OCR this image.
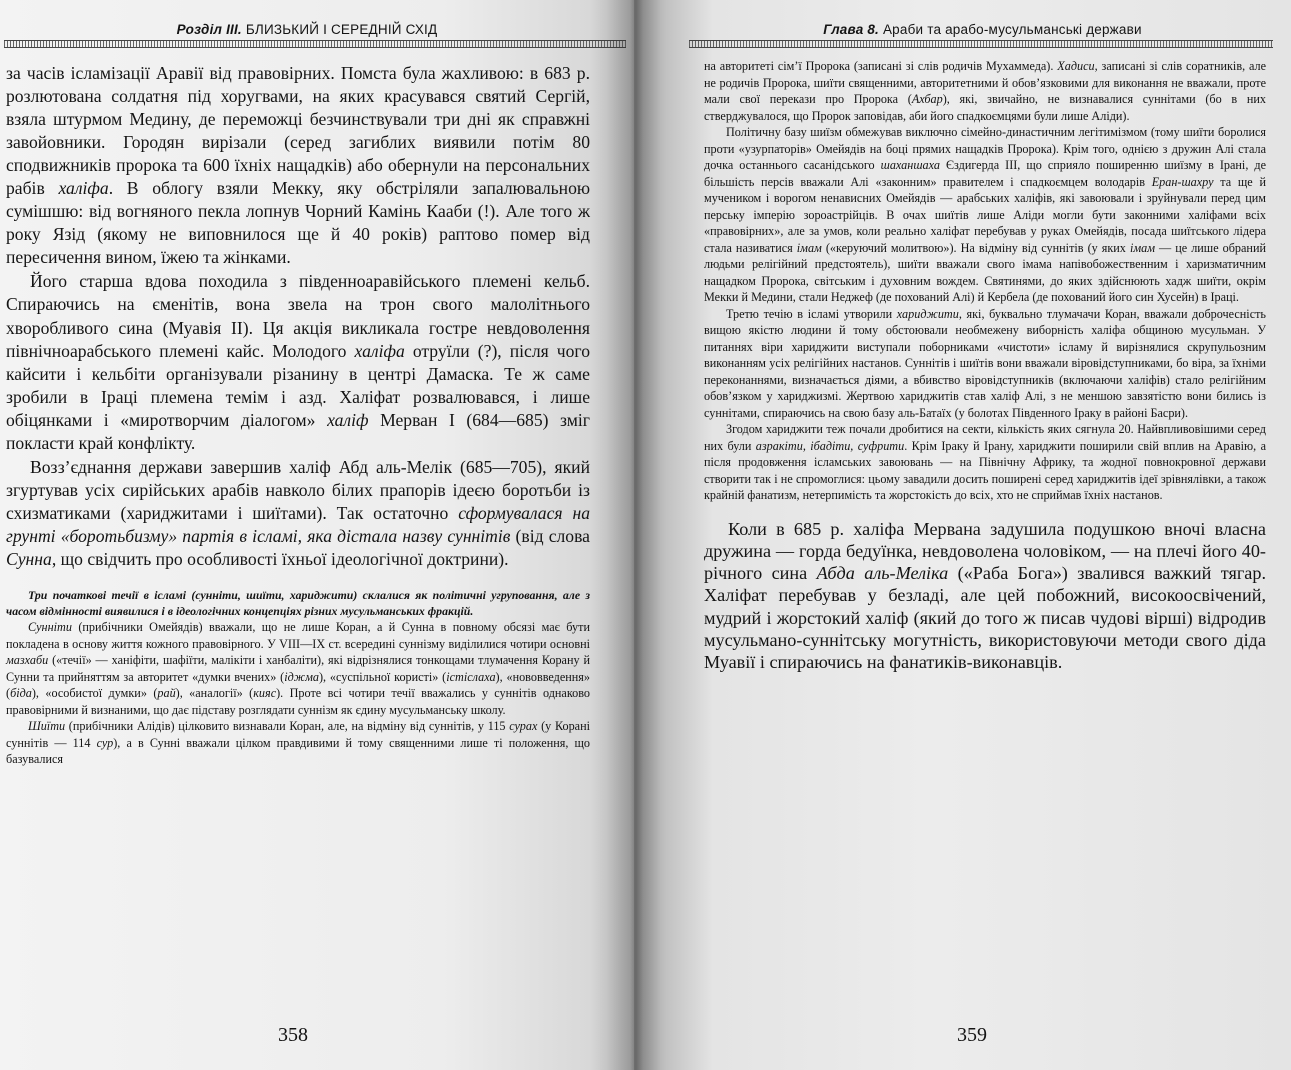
Розділ III. БЛИЗЬКИЙ І СЕРЕДНІЙ СХІД

за часів ісламізації Аравії від правовірних. Помста була жахливою: в 683 р. розлютована солдатня під хоругвами, на яких красувався святий Сергій, взяла штурмом Медину, де переможці безчинствували три дні як справжні завойовники. Городян вирізали (серед загиблих виявили потім 80 сподвижників пророка та 600 їхніх нащадків) або обернули на персональних рабів халіфа. В облогу взяли Мекку, яку обстріляли запалювальною сумішшю: від вогняного пекла лопнув Чорний Камінь Кааби (!). Але того ж року Язід (якому не виповнилося ще й 40 років) раптово помер від пересичення вином, їжею та жінками.

Його старша вдова походила з південноаравійського племені кельб. Спираючись на єменітів, вона звела на трон свого малолітнього хворобливого сина (Муавія II). Ця акція викликала гостре невдоволення північноарабського племені кайс. Молодого халіфа отруїли (?), після чого кайсити і кельбіти організували різанину в центрі Дамаска. Те ж саме зробили в Іраці племена темім і азд. Халіфат розвалювався, і лише обіцянками і «миротворчим діалогом» халіф Мерван I (684—685) зміг покласти край конфлікту.

Возз’єднання держави завершив халіф Абд аль-Мелік (685—705), який згуртував усіх сирійських арабів навколо білих прапорів ідеєю боротьби із схизматиками (хариджитами і шиїтами). Так остаточно сформувалася на грунті «боротьбизму» партія в ісламі, яка дістала назву суннітів (від слова Сунна, що свідчить про особливості їхньої ідеологічної доктрини).

Три початкові течії в ісламі (сунніти, шиїти, хариджити) склалися як політичні угруповання, але з часом відмінності виявилися і в ідеологічних концепціях різних мусульманських фракцій.

Сунніти (прибічники Омейядів) вважали, що не лише Коран, а й Сунна в повному обсязі має бути покладена в основу життя кожного правовірного. У VIII—IX ст. всередині суннізму виділилися чотири основні мазхаби («течії» — ханіфіти, шафіїти, малікіти і ханбаліти), які відрізнялися тонкощами тлумачення Корану й Сунни та прийняттям за авторитет «думки вчених» (іджма), «суспільної користі» (істіслаха), «нововведення» (біда), «особистої думки» (рай), «аналогії» (кияс). Проте всі чотири течії вважались у суннітів однаково правовірними й визнаними, що дає підставу розглядати суннізм як єдину мусульманську школу.

Шиїти (прибічники Алідів) цілковито визнавали Коран, але, на відміну від суннітів, у 115 сурах (у Корані суннітів — 114 сур), а в Сунні вважали цілком правдивими й тому священними лише ті положення, що базувалися

358
Глава 8. Араби та арабо-мусульманські держави

на авторитеті сім’ї Пророка (записані зі слів родичів Мухаммеда). Хадиси, записані зі слів соратників, але не родичів Пророка, шиїти священними, авторитетними й обов’язковими для виконання не вважали, проте мали свої перекази про Пророка (Ахбар), які, звичайно, не визнавалися суннітами (бо в них стверджувалося, що Пророк заповідав, аби його спадкоємцями були лише Аліди).

Політичну базу шиїзм обмежував виключно сімейно-династичним легітимізмом (тому шиїти боролися проти «узурпаторів» Омейядів на боці прямих нащадків Пророка). Крім того, однією з дружин Алі стала дочка останнього сасанідського шаханшаха Єздигерда III, що сприяло поширенню шиїзму в Ірані, де більшість персів вважали Алі «законним» правителем і спадкоємцем володарів Еран-шахру та ще й мучеником і ворогом ненависних Омейядів — арабських халіфів, які завоювали і зруйнували перед цим перську імперію зороастрійців. В очах шиїтів лише Аліди могли бути законними халіфами всіх «правовірних», але за умов, коли реально халіфат перебував у руках Омейядів, посада шиїтського лідера стала називатися імам («керуючий молитвою»). На відміну від суннітів (у яких імам — це лише обраний людьми релігійний предстоятель), шиїти вважали свого імама напівобожественним і харизматичним нащадком Пророка, світським і духовним вождем. Святинями, до яких здійснюють хадж шиїти, окрім Мекки й Медини, стали Неджеф (де похований Алі) й Кербела (де похований його син Хусейн) в Іраці.

Третю течію в ісламі утворили хариджити, які, буквально тлумачачи Коран, вважали доброчесність вищою якістю людини й тому обстоювали необмежену виборність халіфа общиною мусульман. У питаннях віри хариджити виступали поборниками «чистоти» ісламу й вирізнялися скрупульозним виконанням усіх релігійних настанов. Суннітів і шиїтів вони вважали віровідступниками, бо віра, за їхніми переконаннями, визначається діями, а вбивство віровідступників (включаючи халіфів) стало релігійним обов’язком у хариджизмі. Жертвою хариджитів став халіф Алі, з не меншою завзятістю вони бились із суннітами, спираючись на свою базу аль-Батаїх (у болотах Південного Іраку в районі Басри).

Згодом хариджити теж почали дробитися на секти, кількість яких сягнула 20. Найвпливовішими серед них були азракіти, ібадіти, суфрити. Крім Іраку й Ірану, хариджити поширили свій вплив на Аравію, а після продовження ісламських завоювань — на Північну Африку, та жодної повнокровної держави створити так і не спромоглися: цьому завадили досить поширені серед хариджитів ідеї зрівнялівки, а також крайній фанатизм, нетерпимість та жорстокість до всіх, хто не сприймав їхніх настанов.

Коли в 685 р. халіфа Мервана задушила подушкою вночі власна дружина — горда бедуїнка, невдоволена чоловіком, — на плечі його 40-річного сина Абда аль-Меліка («Раба Бога») звалився важкий тягар. Халіфат перебував у безладі, але цей побожний, високоосвічений, мудрий і жорстокий халіф (який до того ж писав чудові вірші) відродив мусульмано-суннітську могутність, використовуючи методи свого діда Муавії і спираючись на фанатиків-виконавців.

359
